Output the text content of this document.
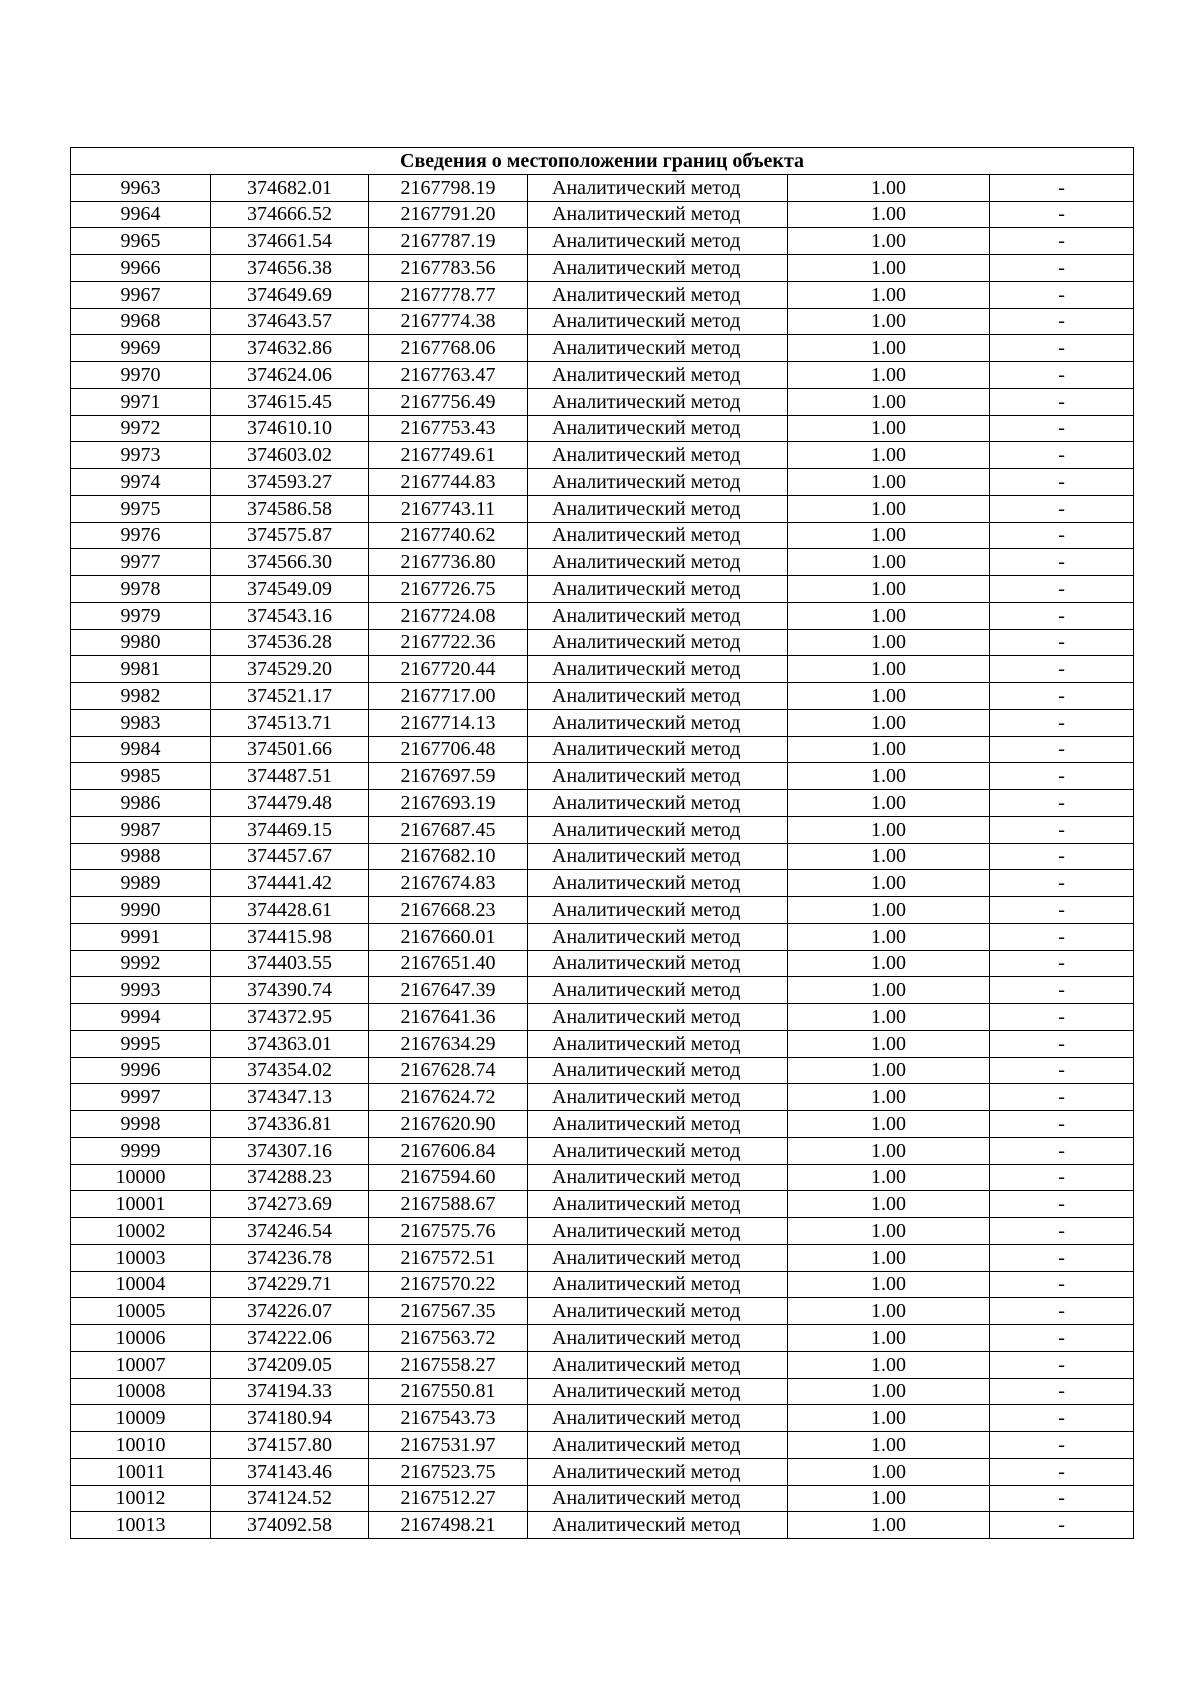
Сведения о местоположении границ объекта					
9963	374682.01	2167798.19	Аналитический метод	1.00	-
9964	374666.52	2167791.20	Аналитический метод	1.00	-
9965	374661.54	2167787.19	Аналитический метод	1.00	-
9966	374656.38	2167783.56	Аналитический метод	1.00	-
9967	374649.69	2167778.77	Аналитический метод	1.00	-
9968	374643.57	2167774.38	Аналитический метод	1.00	-
9969	374632.86	2167768.06	Аналитический метод	1.00	-
9970	374624.06	2167763.47	Аналитический метод	1.00	-
9971	374615.45	2167756.49	Аналитический метод	1.00	-
9972	374610.10	2167753.43	Аналитический метод	1.00	-
9973	374603.02	2167749.61	Аналитический метод	1.00	-
9974	374593.27	2167744.83	Аналитический метод	1.00	-
9975	374586.58	2167743.11	Аналитический метод	1.00	-
9976	374575.87	2167740.62	Аналитический метод	1.00	-
9977	374566.30	2167736.80	Аналитический метод	1.00	-
9978	374549.09	2167726.75	Аналитический метод	1.00	-
9979	374543.16	2167724.08	Аналитический метод	1.00	-
9980	374536.28	2167722.36	Аналитический метод	1.00	-
9981	374529.20	2167720.44	Аналитический метод	1.00	-
9982	374521.17	2167717.00	Аналитический метод	1.00	-
9983	374513.71	2167714.13	Аналитический метод	1.00	-
9984	374501.66	2167706.48	Аналитический метод	1.00	-
9985	374487.51	2167697.59	Аналитический метод	1.00	-
9986	374479.48	2167693.19	Аналитический метод	1.00	-
9987	374469.15	2167687.45	Аналитический метод	1.00	-
9988	374457.67	2167682.10	Аналитический метод	1.00	-
9989	374441.42	2167674.83	Аналитический метод	1.00	-
9990	374428.61	2167668.23	Аналитический метод	1.00	-
9991	374415.98	2167660.01	Аналитический метод	1.00	-
9992	374403.55	2167651.40	Аналитический метод	1.00	-
9993	374390.74	2167647.39	Аналитический метод	1.00	-
9994	374372.95	2167641.36	Аналитический метод	1.00	-
9995	374363.01	2167634.29	Аналитический метод	1.00	-
9996	374354.02	2167628.74	Аналитический метод	1.00	-
9997	374347.13	2167624.72	Аналитический метод	1.00	-
9998	374336.81	2167620.90	Аналитический метод	1.00	-
9999	374307.16	2167606.84	Аналитический метод	1.00	-
10000	374288.23	2167594.60	Аналитический метод	1.00	-
10001	374273.69	2167588.67	Аналитический метод	1.00	-
10002	374246.54	2167575.76	Аналитический метод	1.00	-
10003	374236.78	2167572.51	Аналитический метод	1.00	-
10004	374229.71	2167570.22	Аналитический метод	1.00	-
10005	374226.07	2167567.35	Аналитический метод	1.00	-
10006	374222.06	2167563.72	Аналитический метод	1.00	-
10007	374209.05	2167558.27	Аналитический метод	1.00	-
10008	374194.33	2167550.81	Аналитический метод	1.00	-
10009	374180.94	2167543.73	Аналитический метод	1.00	-
10010	374157.80	2167531.97	Аналитический метод	1.00	-
10011	374143.46	2167523.75	Аналитический метод	1.00	-
10012	374124.52	2167512.27	Аналитический метод	1.00	-
10013	374092.58	2167498.21	Аналитический метод	1.00	-
